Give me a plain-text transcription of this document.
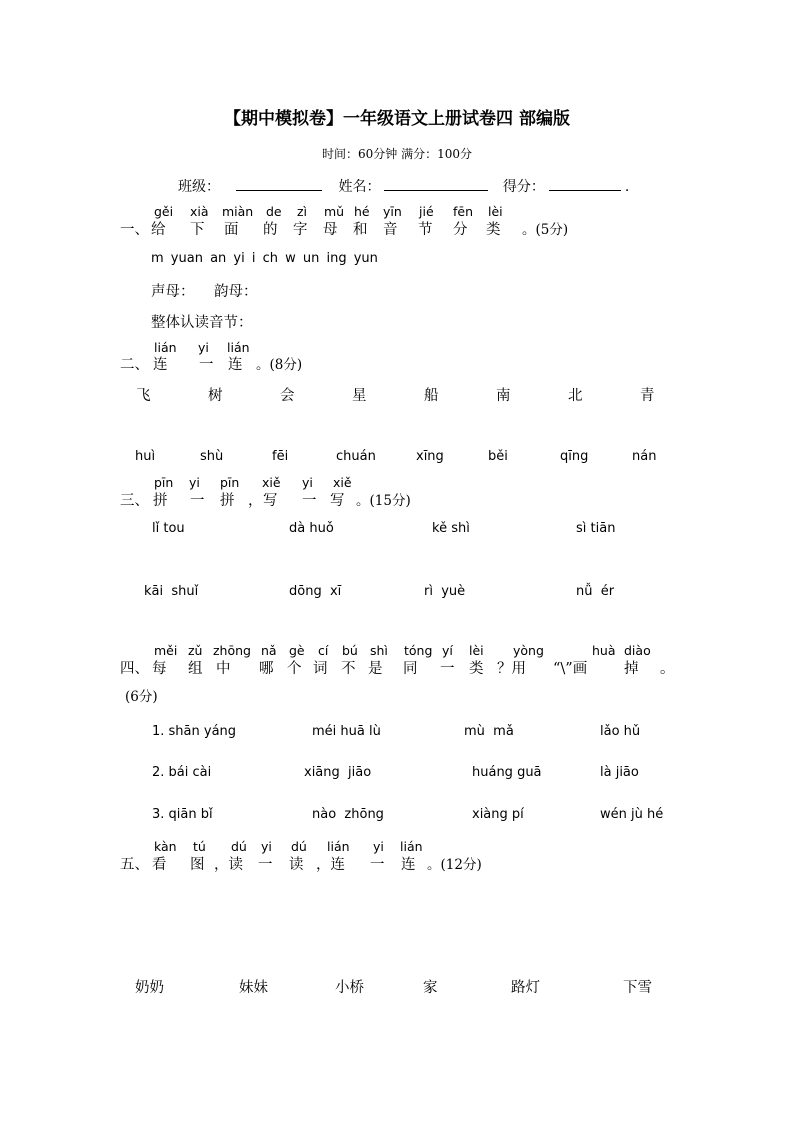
【期中模拟卷】一年级语文上册试卷四 部编版
时间：60分钟 满分：100分
班级：	姓名：	得分：	.
gěi xià miàn de zì mǔ hé yīn jié fēn lèi
一、 给 下 面 的 字 母 和 音 节 分 类 。(5分)
m yuan an yi i ch w un ing yun
声母： 韵母：
整体认读音节：
lián yi lián
二、 连 一 连 。(8分)
飞	树	会	星	船	南	北	青
huì	shù	fēi	chuán	xīng	běi	qīng	nán
pīn yi pīn xiě yi xiě
三、 拼 一 拼 ， 写 一 写 。(15分)
lǐ tou	dà huǒ	kě shì	sì tiān
kāi  shuǐ	dōng  xī	rì  yuè	nǚ  ér
měi zǔ zhōng nǎ gè cí bú shì tóng yí lèi yòng	huà diào
四、 每 组 中 哪 个 词 不 是 同 一 类 ？用 “\”画	掉 。
(6分)
1. shān yáng	méi huā lù	mù  mǎ	lǎo hǔ
2. bái cài	xiāng  jiāo	huáng guā	là jiāo
3. qiān bǐ	nào  zhōng	xiàng pí	wén jù hé
kàn tú dú yi dú lián yi lián
五、 看 图 ，读 一 读 ，连 一 连 。(12分)
奶奶	妹妹	小桥	家	路灯	下雪
